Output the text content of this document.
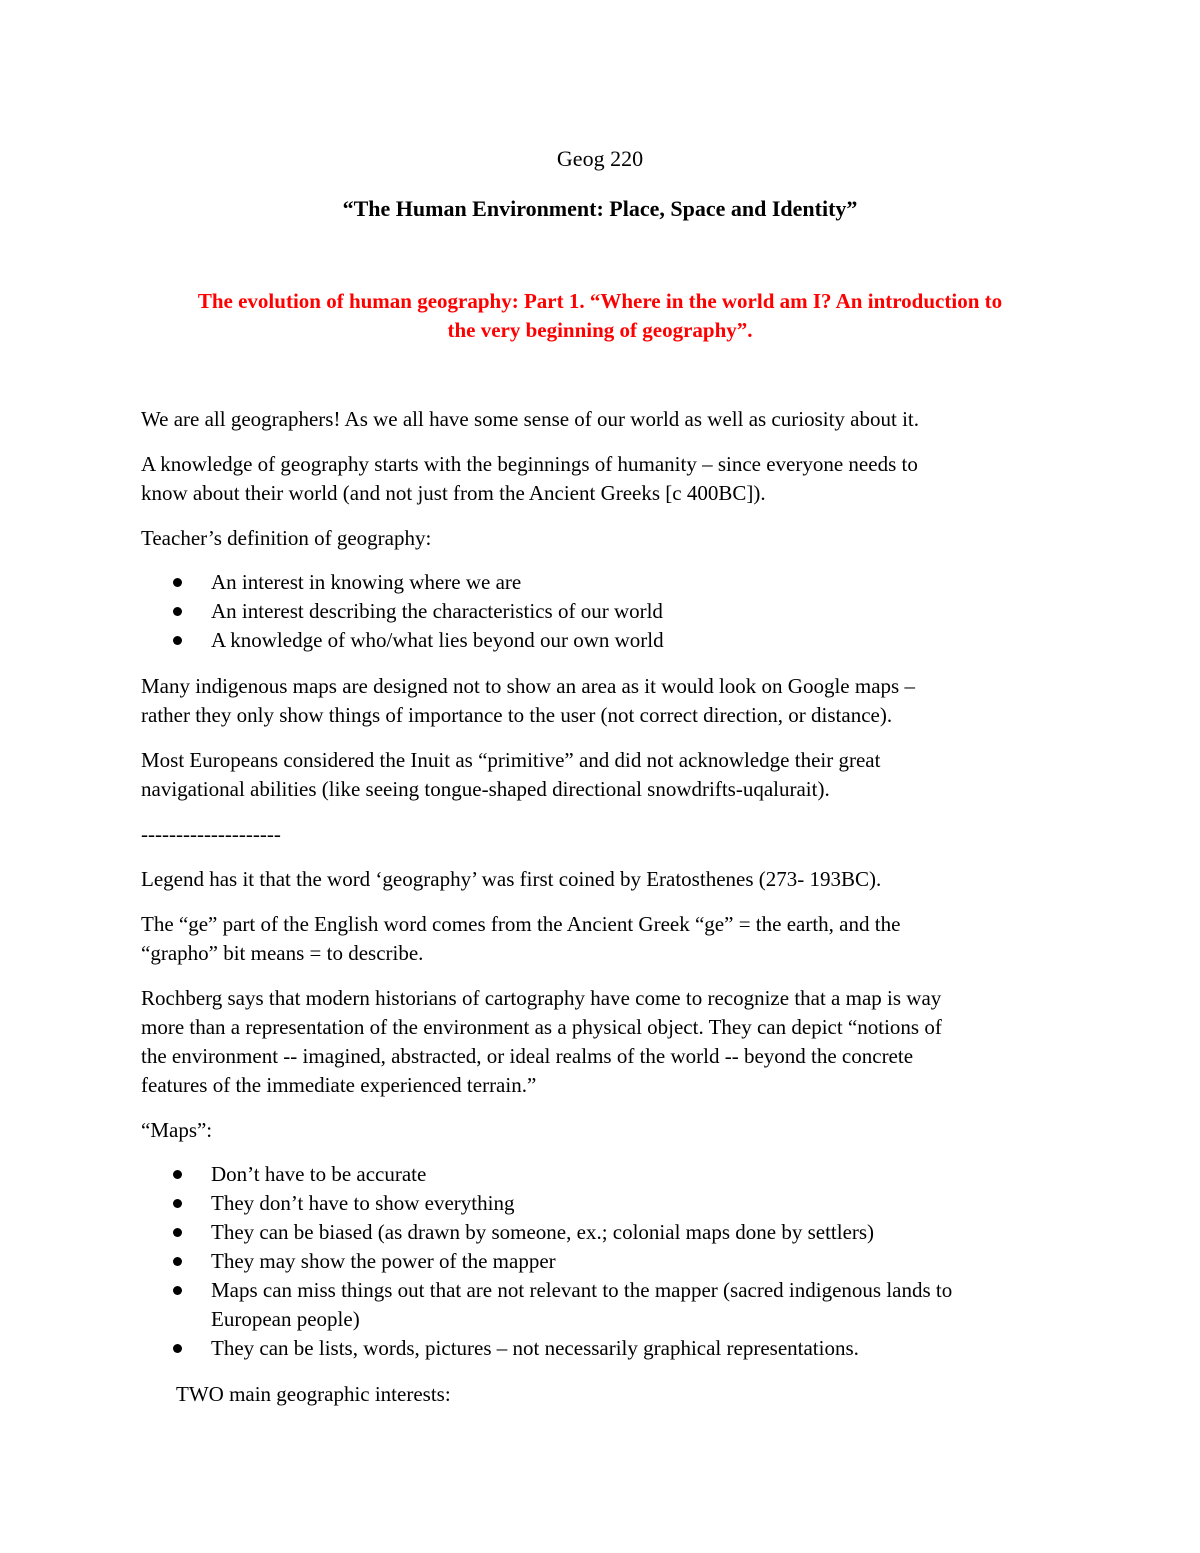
Geog 220

“The Human Environment: Place, Space and Identity”

The evolution of human geography: Part 1. “Where in the world am I? An introduction to

the very beginning of geography”.

We are all geographers! As we all have some sense of our world as well as curiosity about it.

A knowledge of geography starts with the beginnings of humanity – since everyone needs to

know about their world (and not just from the Ancient Greeks [c 400BC]).

Teacher’s definition of geography:

An interest in knowing where we are

An interest describing the characteristics of our world

A knowledge of who/what lies beyond our own world

Many indigenous maps are designed not to show an area as it would look on Google maps –

rather they only show things of importance to the user (not correct direction, or distance).

Most Europeans considered the Inuit as “primitive” and did not acknowledge their great

navigational abilities (like seeing tongue-shaped directional snowdrifts-uqalurait).

--------------------

Legend has it that the word ‘geography’ was first coined by Eratosthenes (273- 193BC).

The “ge” part of the English word comes from the Ancient Greek “ge” = the earth, and the

“grapho” bit means = to describe.

Rochberg says that modern historians of cartography have come to recognize that a map is way

more than a representation of the environment as a physical object. They can depict “notions of

the environment -- imagined, abstracted, or ideal realms of the world -- beyond the concrete

features of the immediate experienced terrain.”

“Maps”:

Don’t have to be accurate

They don’t have to show everything

They can be biased (as drawn by someone, ex.; colonial maps done by settlers)

They may show the power of the mapper

Maps can miss things out that are not relevant to the mapper (sacred indigenous lands to

European people)

They can be lists, words, pictures – not necessarily graphical representations.

TWO main geographic interests:
